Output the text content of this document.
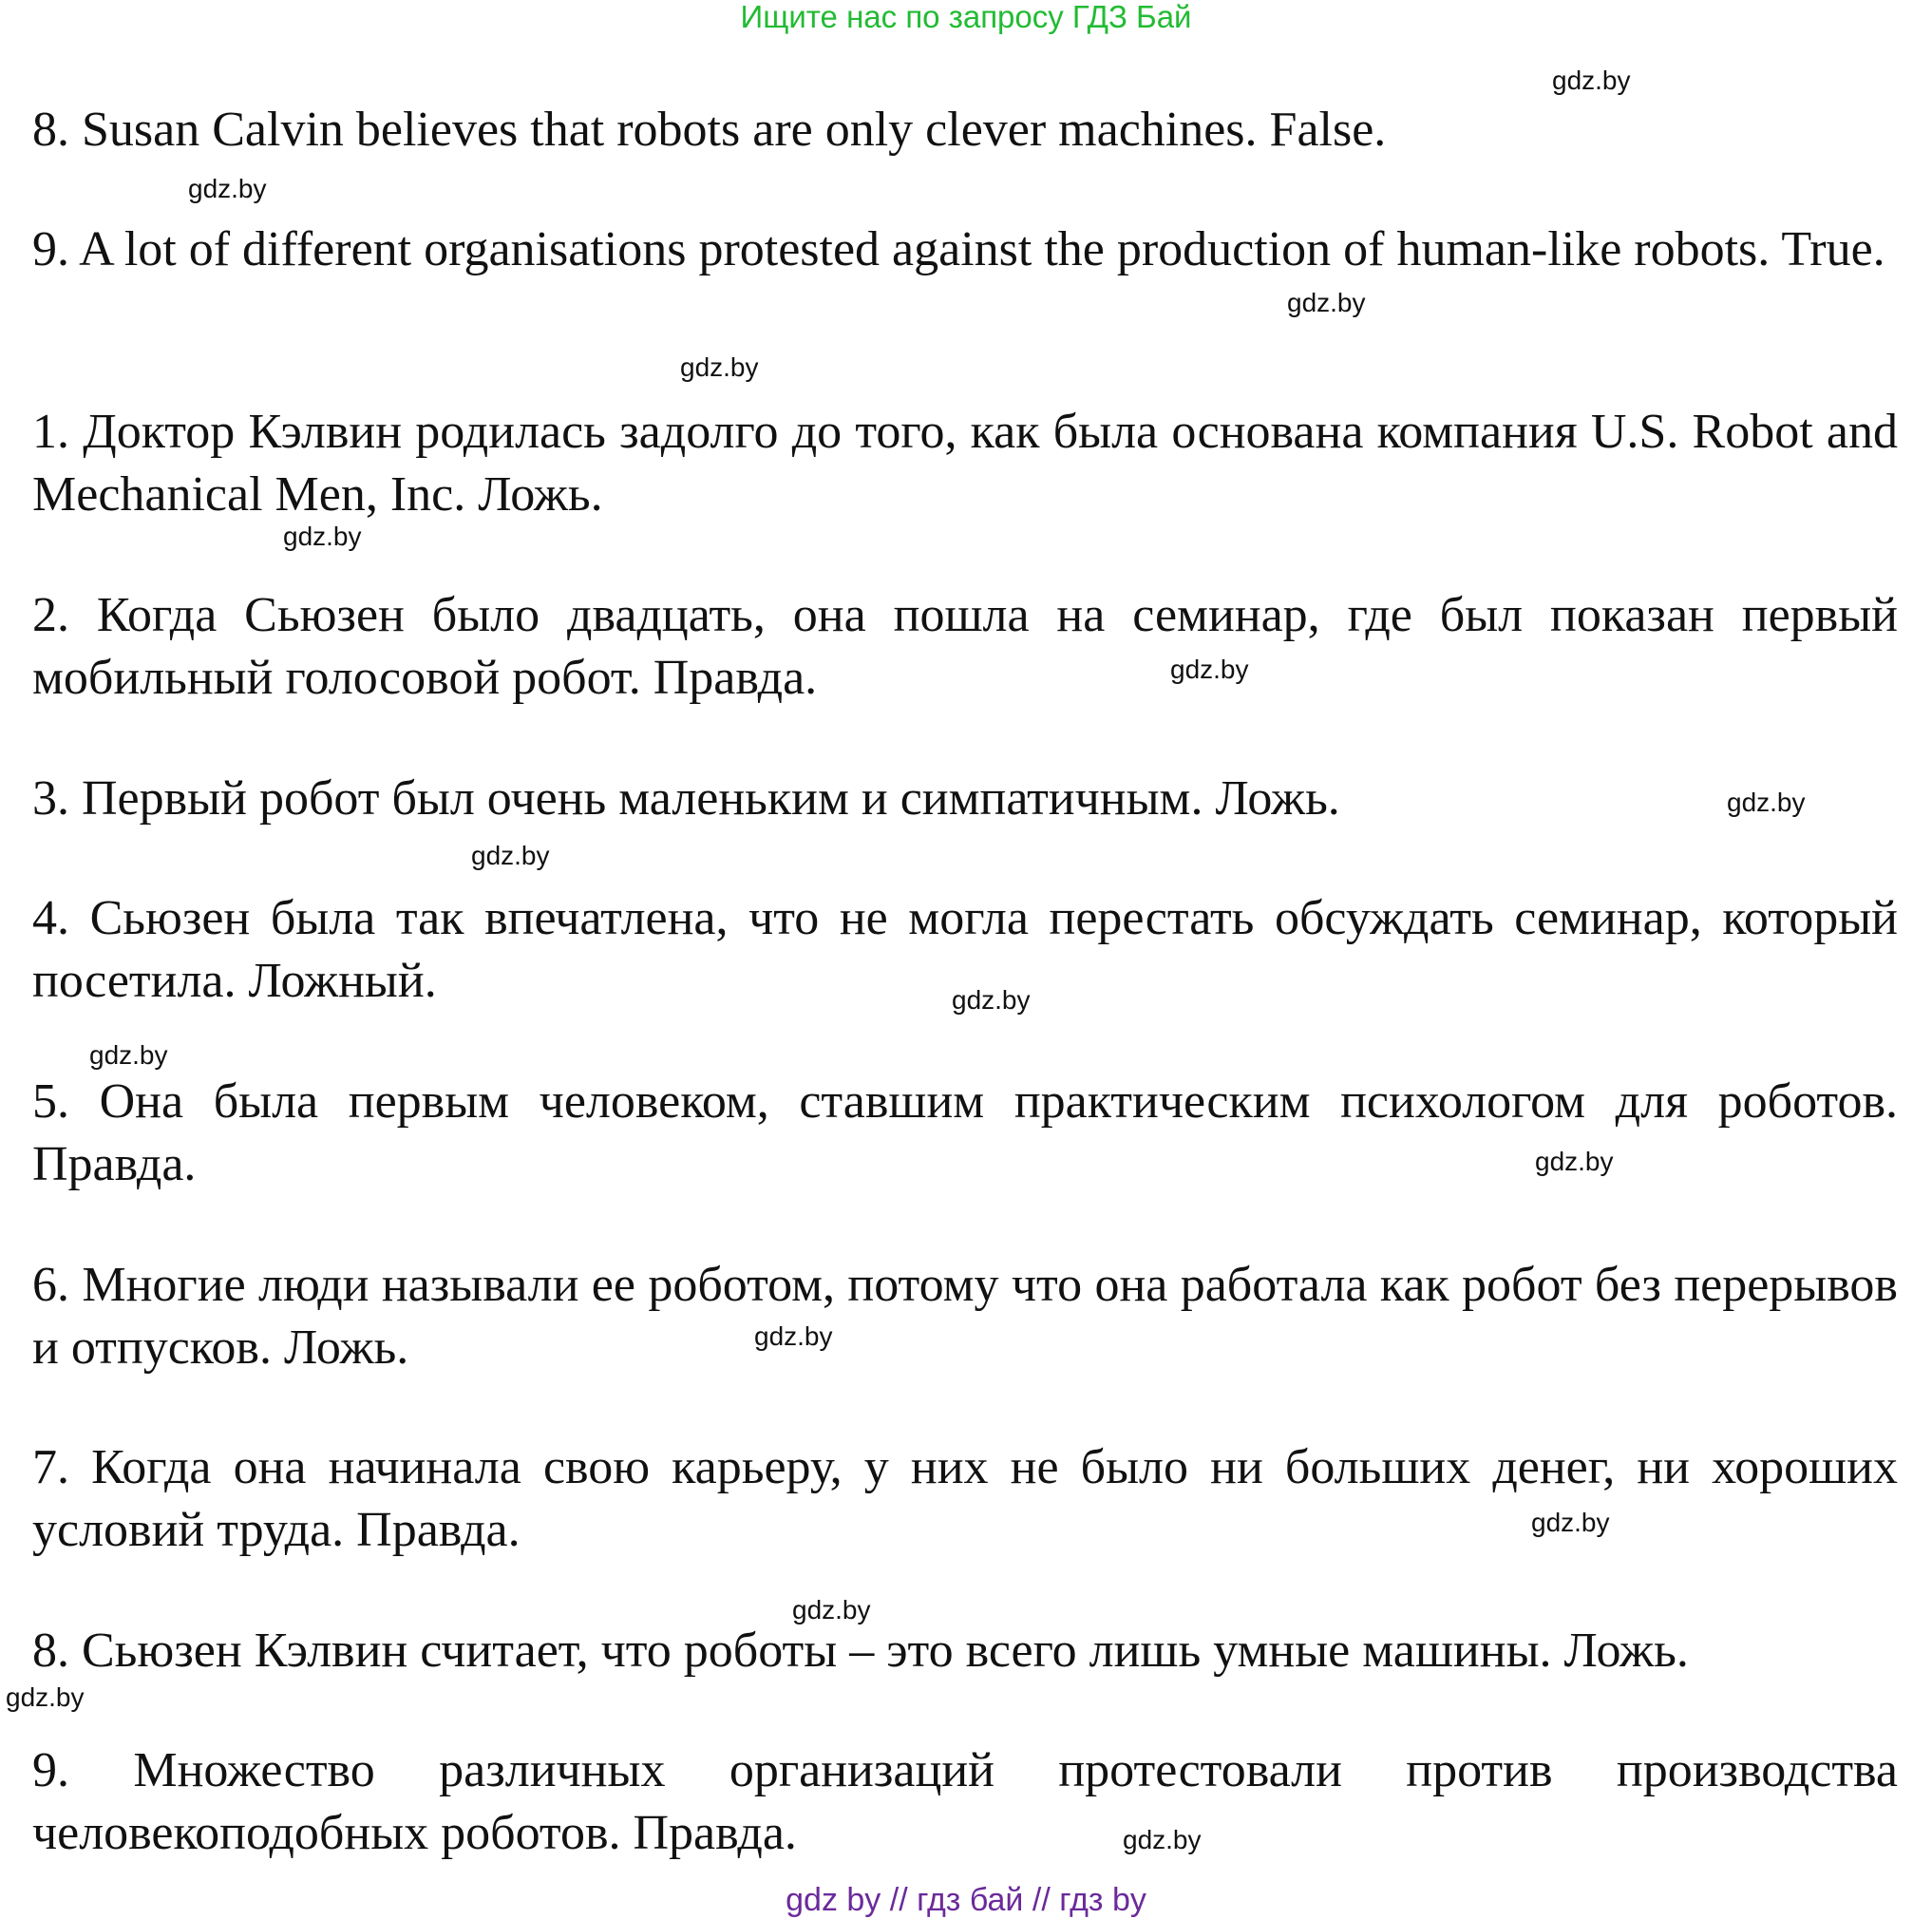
Ищите нас по запросу ГДЗ Бай
gdz.by
gdz.by
gdz.by
gdz.by
gdz.by
gdz.by
gdz.by
gdz.by
gdz.by
gdz.by
gdz.by
gdz.by
gdz.by
gdz.by
gdz.by
gdz.by

8. Susan Calvin believes that robots are only clever machines. False.

9. A lot of different organisations protested against the production of human-like robots. True.

1. Доктор Кэлвин родилась задолго до того, как была основана компания U.S. Robot and Mechanical Men, Inc. Ложь.

2. Когда Сьюзен было двадцать, она пошла на семинар, где был показан первый мобильный голосовой робот. Правда.

3. Первый робот был очень маленьким и симпатичным. Ложь.

4. Сьюзен была так впечатлена, что не могла перестать обсуждать семинар, который посетила. Ложный.

5. Она была первым человеком, ставшим практическим психологом для роботов. Правда.

6. Многие люди называли ее роботом, потому что она работала как робот без перерывов и отпусков. Ложь.

7. Когда она начинала свою карьеру, у них не было ни больших денег, ни хороших условий труда. Правда.

8. Сьюзен Кэлвин считает, что роботы – это всего лишь умные машины. Ложь.

9. Множество различных организаций протестовали против производства человекоподобных роботов. Правда.

gdz by // гдз бай // гдз by
